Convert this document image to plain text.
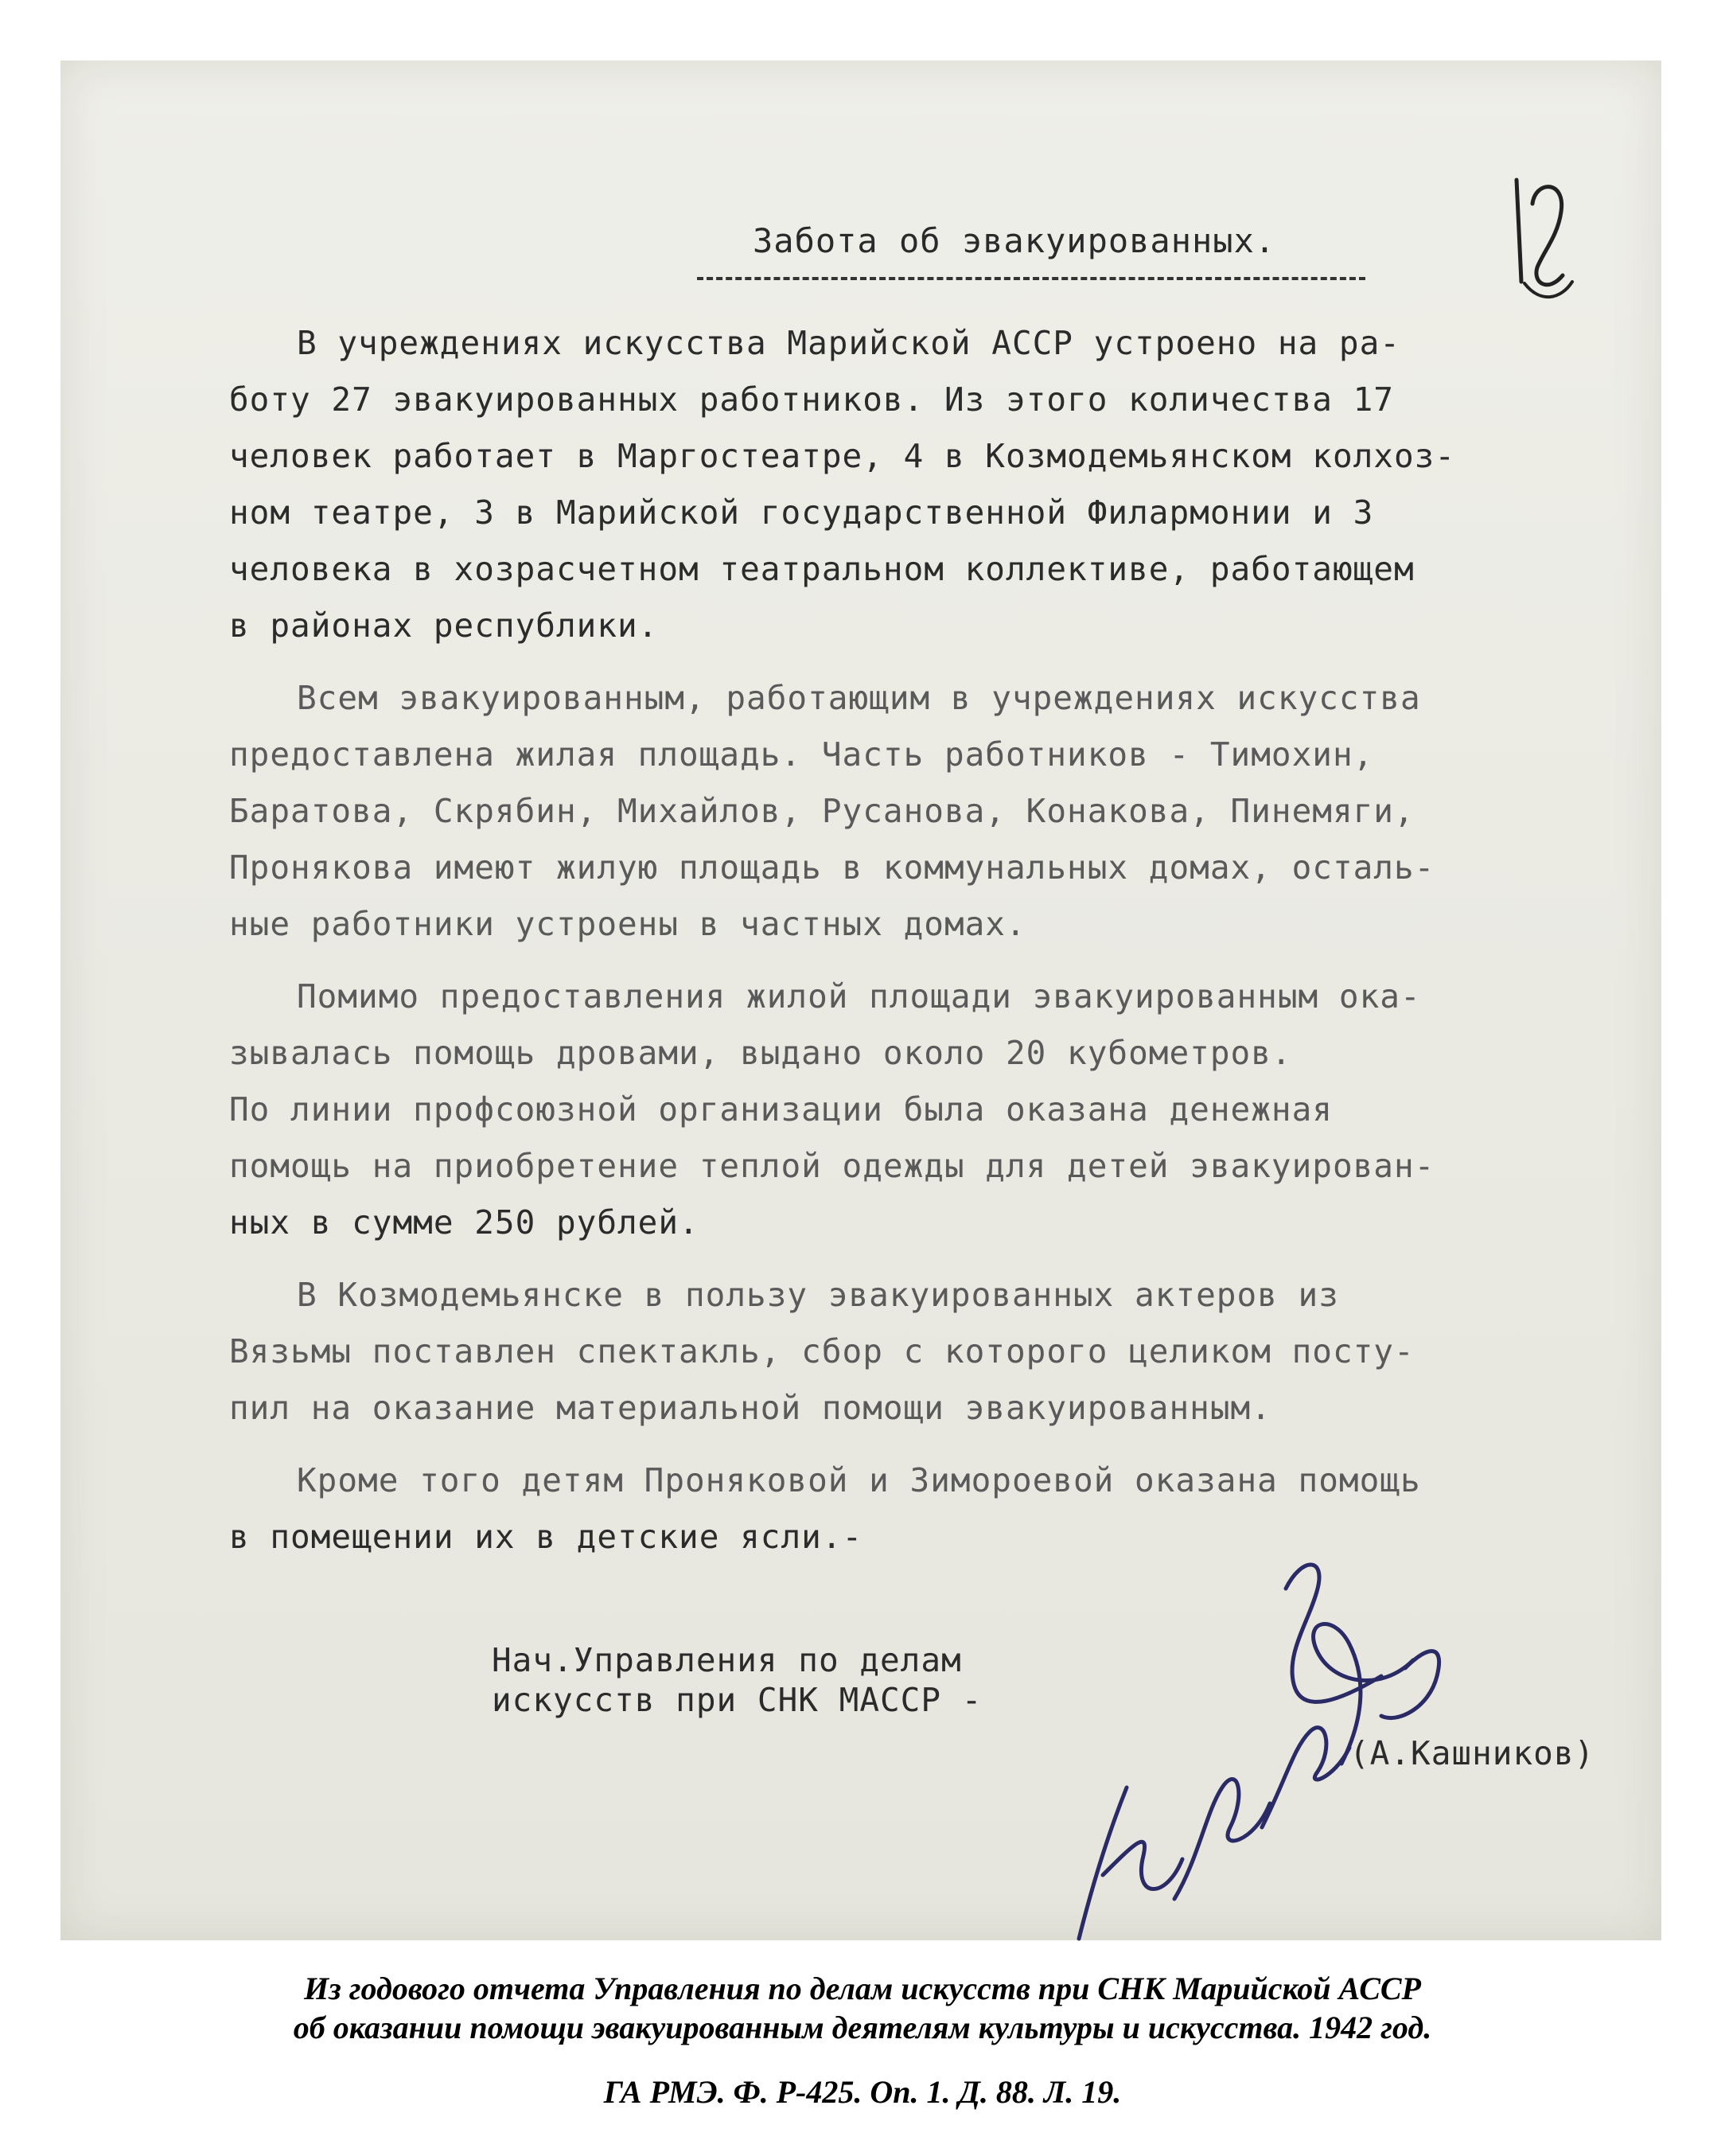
Забота об эвакуированных.
В учреждениях искусства Марийской АССР устроено на ра-
боту 27 эвакуированных работников. Из этого количества 17
человек работает в Маргостеатре, 4 в Козмодемьянском колхоз-
ном театре, 3 в Марийской государственной Филармонии и 3
человека в хозрасчетном театральном коллективе, работающем
в районах республики.
Всем эвакуированным, работающим в учреждениях искусства
предоставлена жилая площадь. Часть работников - Тимохин,
Баратова, Скрябин, Михайлов, Русанова, Конакова, Пинемяги,
Пронякова имеют жилую площадь в коммунальных домах, осталь-
ные работники устроены в частных домах.
Помимо предоставления жилой площади эвакуированным ока-
зывалась помощь дровами, выдано около 20 кубометров.
По линии профсоюзной организации была оказана денежная
помощь на приобретение теплой одежды для детей эвакуирован-
ных в сумме 250 рублей.
В Козмодемьянске в пользу эвакуированных актеров из
Вязьмы поставлен спектакль, сбор с которого целиком посту-
пил на оказание материальной помощи эвакуированным.
Кроме того детям Проняковой и Зимороевой оказана помощь
в помещении их в детские ясли.-
Нач.Управления по делам
искусств при СНК МАССР -
(А.Кашников)
Из годового отчета Управления по делам искусств при СНК Марийской АССР
об оказании помощи эвакуированным деятелям культуры и искусства. 1942 год.
ГА РМЭ. Ф. Р-425. Оп. 1. Д. 88. Л. 19.
